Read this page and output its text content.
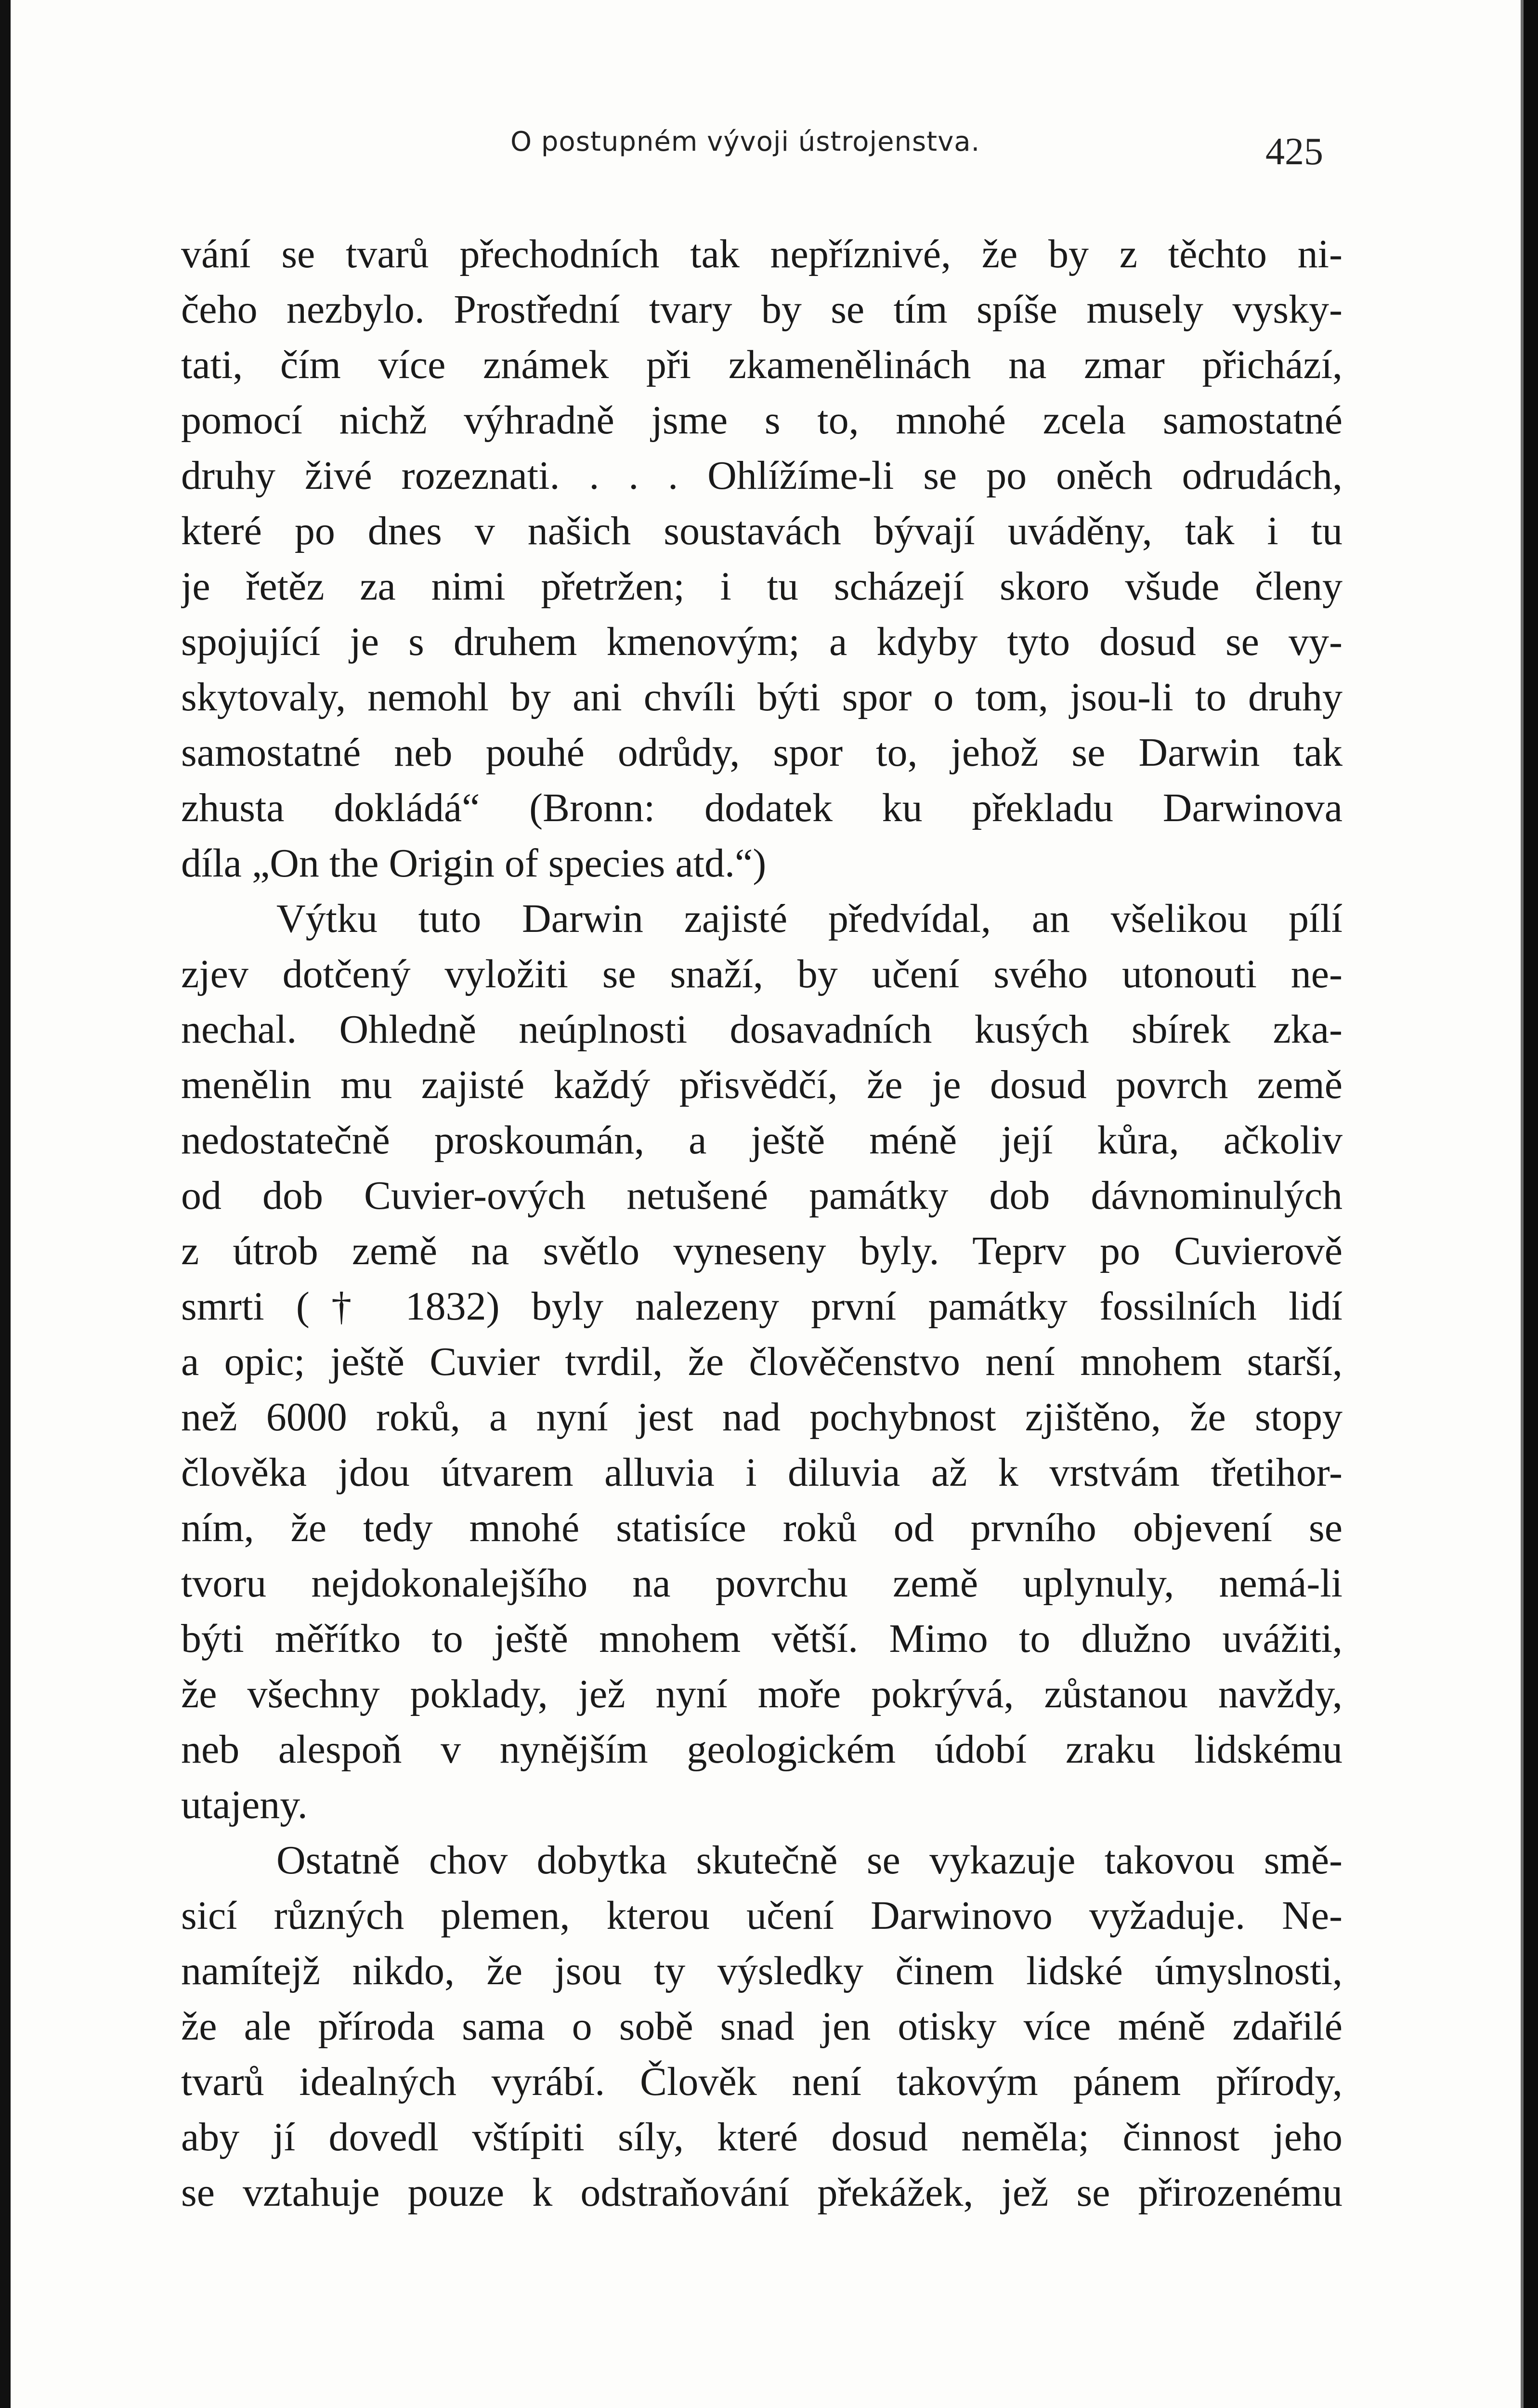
O postupném vývoji ústrojenstva.	425
vání se tvarů přechodních tak nepříznivé, že by z těchto ni-
čeho nezbylo. Prostřední tvary by se tím spíše musely vysky-
tati, čím více známek při zkamenělinách na zmar přichází,
pomocí nichž výhradně jsme s to, mnohé zcela samostatné
druhy živé rozeznati. . . . Ohlížíme-li se po oněch odrudách,
které po dnes v našich soustavách bývají uváděny, tak i tu
je řetěz za nimi přetržen; i tu scházejí skoro všude členy
spojující je s druhem kmenovým; a kdyby tyto dosud se vy-
skytovaly, nemohl by ani chvíli býti spor o tom, jsou-li to druhy
samostatné neb pouhé odrůdy, spor to, jehož se Darwin tak
zhusta dokládá“ (Bronn: dodatek ku překladu Darwinova
díla „On the Origin of species atd.“)
Výtku tuto Darwin zajisté předvídal, an všelikou pílí
zjev dotčený vyložiti se snaží, by učení svého utonouti ne-
nechal. Ohledně neúplnosti dosavadních kusých sbírek zka-
menělin mu zajisté každý přisvědčí, že je dosud povrch země
nedostatečně proskoumán, a ještě méně její kůra, ačkoliv
od dob Cuvier-ových netušené památky dob dávnominulých
z útrob země na světlo vyneseny byly. Teprv po Cuvierově
smrti († 1832) byly nalezeny první památky fossilních lidí
a opic; ještě Cuvier tvrdil, že člověčenstvo není mnohem starší,
než 6000 roků, a nyní jest nad pochybnost zjištěno, že stopy
člověka jdou útvarem alluvia i diluvia až k vrstvám třetihor-
ním, že tedy mnohé statisíce roků od prvního objevení se
tvoru nejdokonalejšího na povrchu země uplynuly, nemá-li
býti měřítko to ještě mnohem větší. Mimo to dlužno uvážiti,
že všechny poklady, jež nyní moře pokrývá, zůstanou navždy,
neb alespoň v nynějším geologickém údobí zraku lidskému
utajeny.
Ostatně chov dobytka skutečně se vykazuje takovou smě-
sicí různých plemen, kterou učení Darwinovo vyžaduje. Ne-
namítejž nikdo, že jsou ty výsledky činem lidské úmyslnosti,
že ale příroda sama o sobě snad jen otisky více méně zdařilé
tvarů idealných vyrábí. Člověk není takovým pánem přírody,
aby jí dovedl vštípiti síly, které dosud neměla; činnost jeho
se vztahuje pouze k odstraňování překážek, jež se přirozenému
